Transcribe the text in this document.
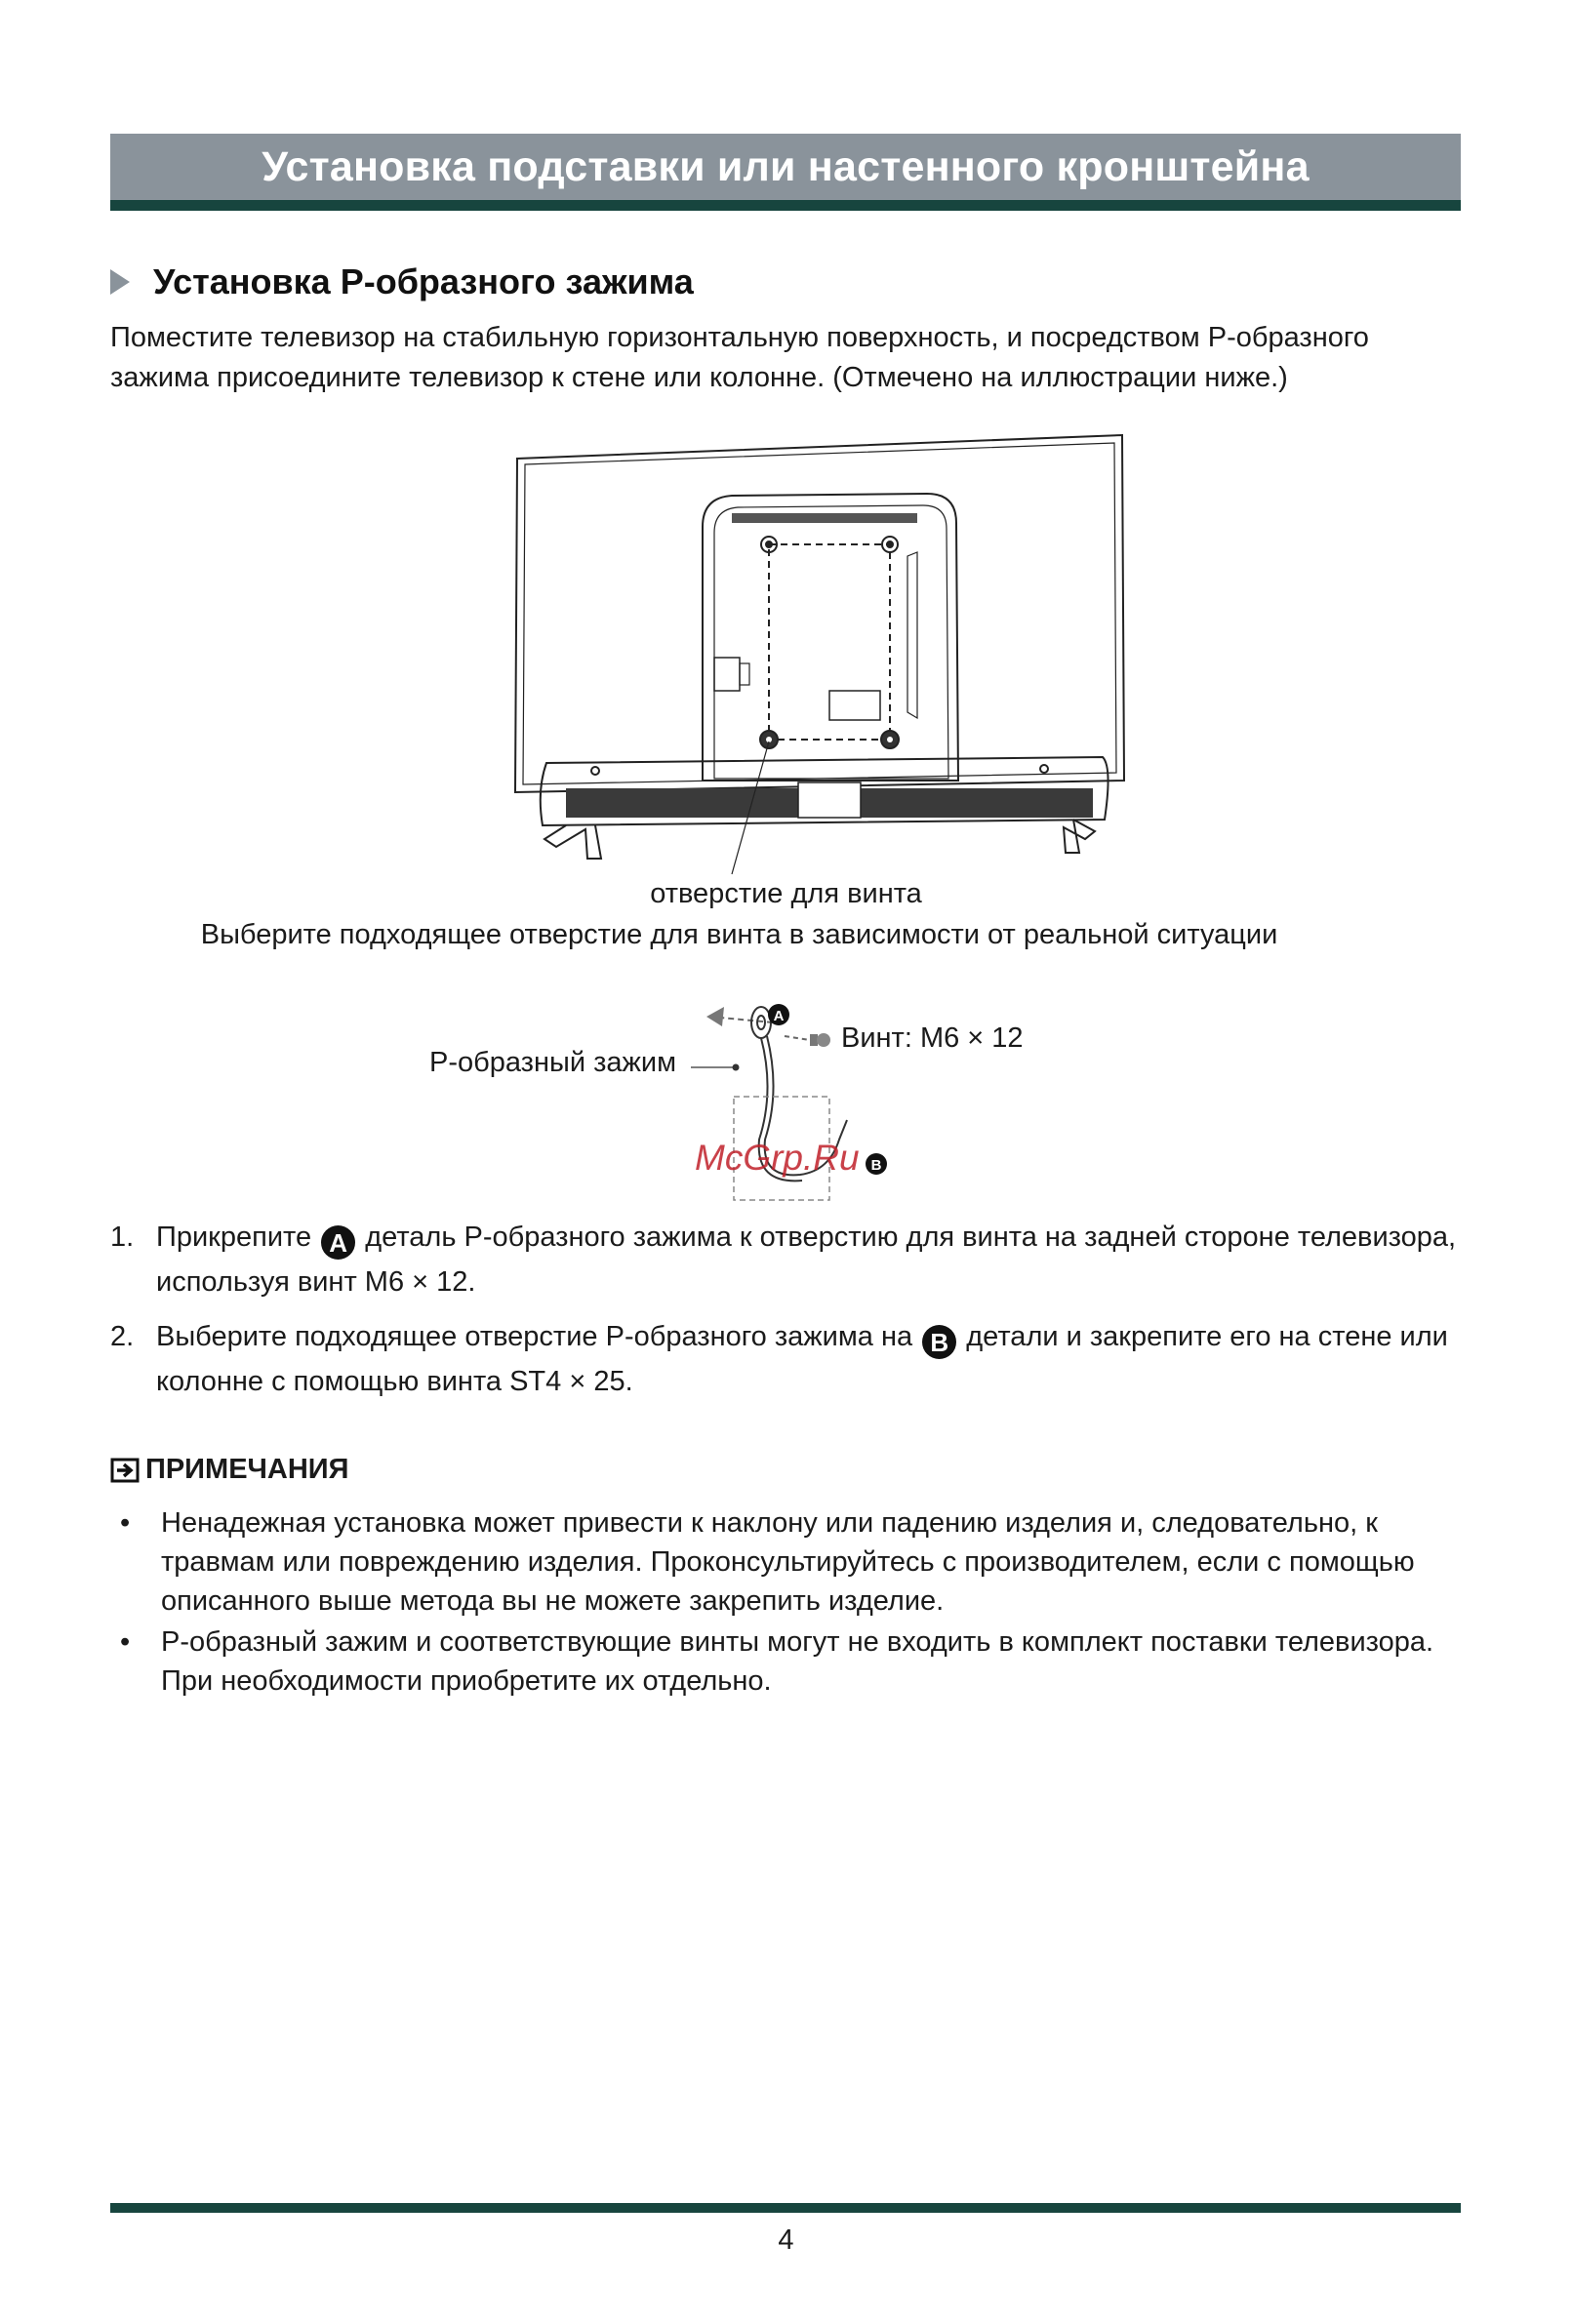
Установка подставки или настенного кронштейна
Установка Р-образного зажима

Поместите телевизор на стабильную горизонтальную поверхность, и посредством Р-образного зажима присоедините телевизор к стене или колонне. (Отмечено на иллюстрации ниже.)

отверстие для винта
Выберите подходящее отверстие для винта в зависимости от реальной ситуации
A
B
Р-образный зажим
Винт: M6 × 12
McGrp.Ru
1. Прикрепите A деталь Р-образного зажима к отверстию для винта на задней стороне телевизора, используя винт M6 × 12.
2. Выберите подходящее отверстие Р-образного зажима на B детали и закрепите его на стене или колонне с помощью винта ST4 × 25.
ПРИМЕЧАНИЯ
•	Ненадежная установка может привести к наклону или падению изделия и, следовательно, к травмам или повреждению изделия. Проконсультируйтесь с производителем, если с помощью описанного выше метода вы не можете закрепить изделие.
•	Р-образный зажим и соответствующие винты могут не входить в комплект поставки телевизора. При необходимости приобретите их отдельно.
4
